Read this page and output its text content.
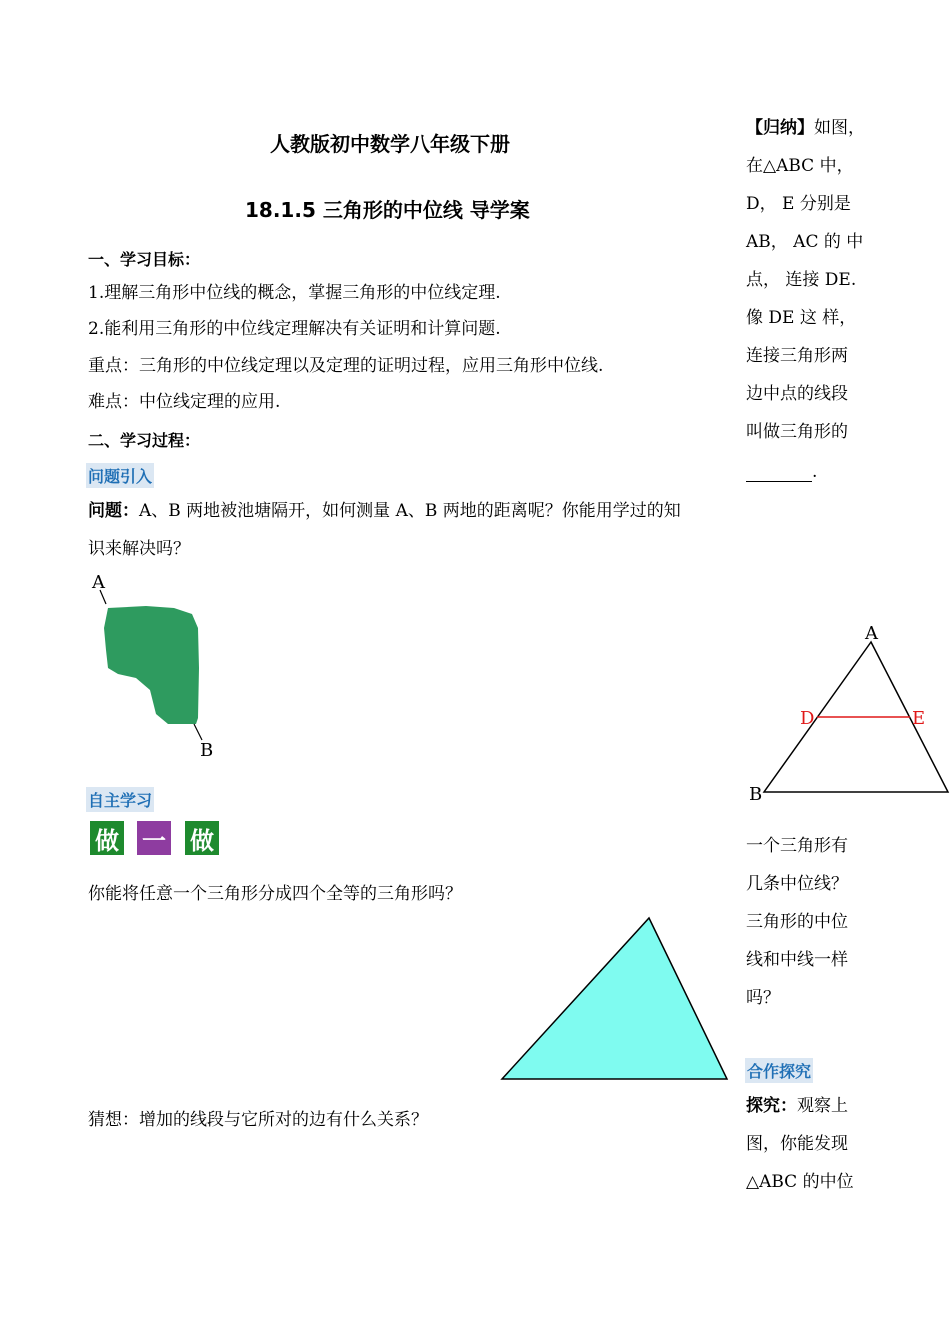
人教版初中数学八年级下册
18.1.5 三角形的中位线 导学案
一、学习目标：
1.理解三角形中位线的概念，掌握三角形的中位线定理.
2.能利用三角形的中位线定理解决有关证明和计算问题.
重点：三角形的中位线定理以及定理的证明过程，应用三角形中位线.
难点：中位线定理的应用.
二、学习过程：
问题引入
问题：A、B 两地被池塘隔开，如何测量 A、B 两地的距离呢？你能用学过的知
识来解决吗？
A
B
自主学习
做 一 做
你能将任意一个三角形分成四个全等的三角形吗？
猜想：增加的线段与它所对的边有什么关系？
【归纳】如图，
在△ABC 中，
D， E 分别是
AB， AC 的 中
点， 连接 DE.
像 DE 这 样，
连接三角形两
边中点的线段
叫做三角形的
.
A
B
D	E
一个三角形有
几条中位线？
三角形的中位
线和中线一样
吗？
合作探究
探究：观察上
图，你能发现
△ABC 的中位
